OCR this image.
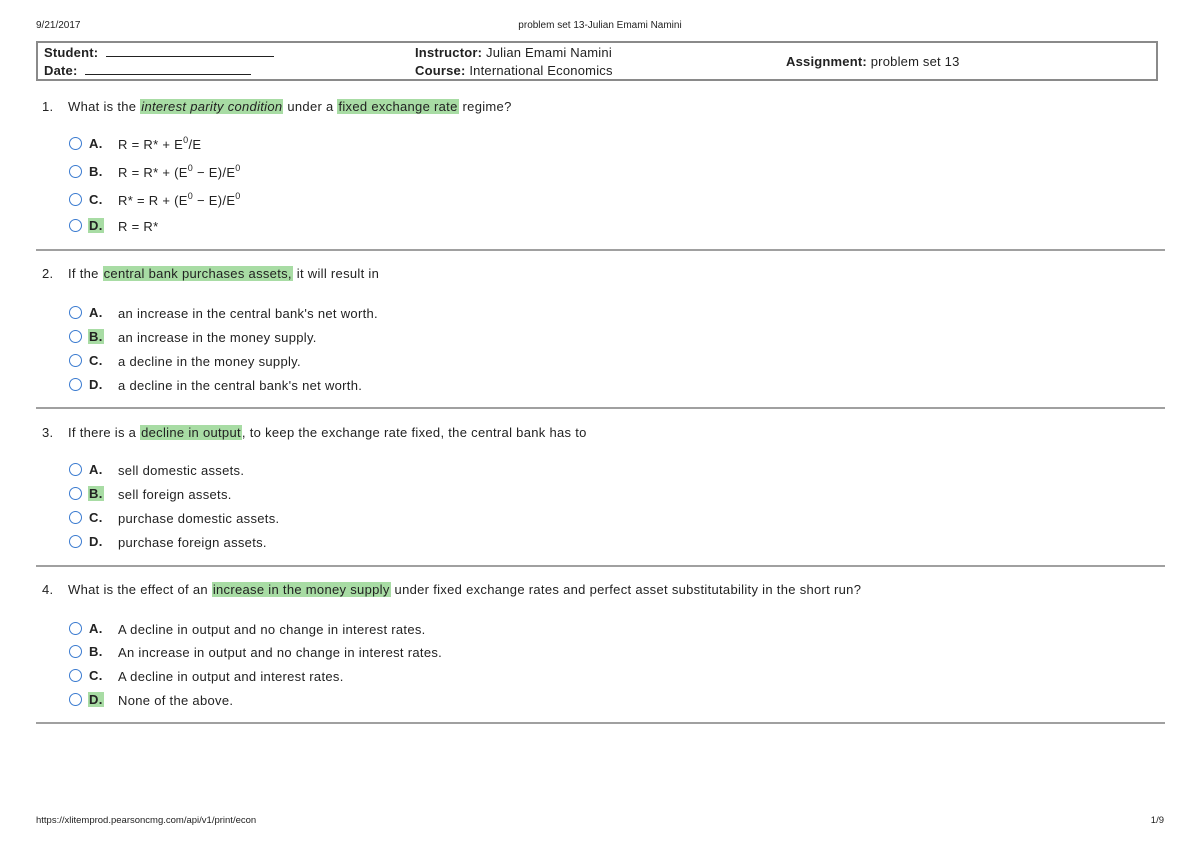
9/21/2017	problem set 13-Julian Emami Namini
Student:
Date:
Instructor: Julian Emami Namini
Course: International Economics
Assignment: problem set 13
1. What is the interest parity condition under a fixed exchange rate regime?
A. $R = R* + E^0/E$
B. $R = R* + (E^0 - E)/E^0$
C. $R* = R + (E^0 - E)/E^0$
D. R = R*
2. If the central bank purchases assets, it will result in
A. an increase in the central bank's net worth.
B. an increase in the money supply.
C. a decline in the money supply.
D. a decline in the central bank's net worth.
3. If there is a decline in output, to keep the exchange rate fixed, the central bank has to
A. sell domestic assets.
B. sell foreign assets.
C. purchase domestic assets.
D. purchase foreign assets.
4. What is the effect of an increase in the money supply under fixed exchange rates and perfect asset substitutability in the short run?
A. A decline in output and no change in interest rates.
B. An increase in output and no change in interest rates.
C. A decline in output and interest rates.
D. None of the above.
https://xlitemprod.pearsoncmg.com/api/v1/print/econ	1/9
